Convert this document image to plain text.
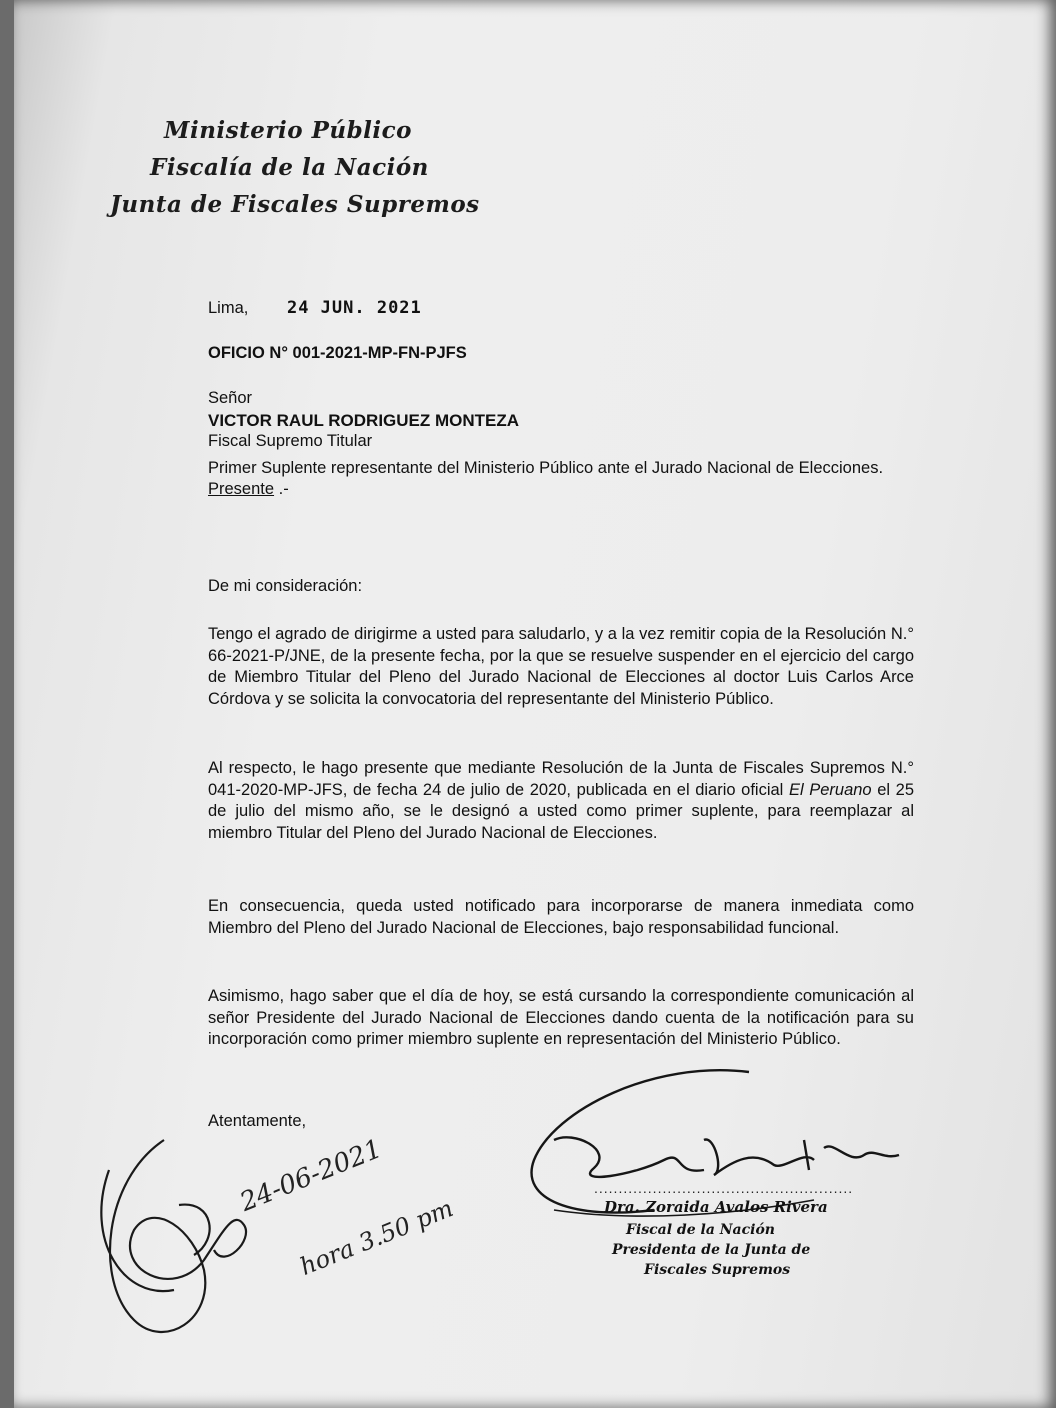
Ministerio Público
Fiscalía de la Nación
Junta de Fiscales Supremos
Lima, 24 JUN. 2021
OFICIO N° 001-2021-MP-FN-PJFS
Señor
VICTOR RAUL RODRIGUEZ MONTEZA
Fiscal Supremo Titular
Primer Suplente representante del Ministerio Público ante el Jurado Nacional de Elecciones.
Presente .-
De mi consideración:
Tengo el agrado de dirigirme a usted para saludarlo, y a la vez remitir copia de la Resolución N.° 66-2021-P/JNE, de la presente fecha, por la que se resuelve suspender en el ejercicio del cargo de Miembro Titular del Pleno del Jurado Nacional de Elecciones al doctor Luis Carlos Arce Córdova y se solicita la convocatoria del representante del Ministerio Público.
Al respecto, le hago presente que mediante Resolución de la Junta de Fiscales Supremos N.° 041-2020-MP-JFS, de fecha 24 de julio de 2020, publicada en el diario oficial El Peruano el 25 de julio del mismo año, se le designó a usted como primer suplente, para reemplazar al miembro Titular del Pleno del Jurado Nacional de Elecciones.
En consecuencia, queda usted notificado para incorporarse de manera inmediata como Miembro del Pleno del Jurado Nacional de Elecciones, bajo responsabilidad funcional.
Asimismo, hago saber que el día de hoy, se está cursando la correspondiente comunicación al señor Presidente del Jurado Nacional de Elecciones dando cuenta de la notificación para su incorporación como primer miembro suplente en representación del Ministerio Público.
Atentamente,
24-06-2021
hora 3.50 pm
.....................................................
Dra. Zoraida Avalos Rivera
Fiscal de la Nación
Presidenta de la Junta de
Fiscales Supremos
